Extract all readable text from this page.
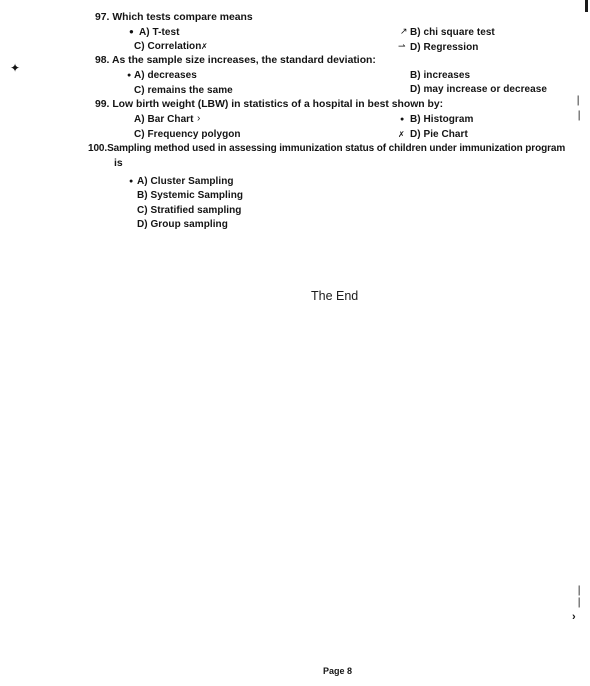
97. Which tests compare means
● A) T-test	↗ B) chi square test
C) Correlation ✗	⇀ D) Regression
98. As the sample size increases, the standard deviation:
● A) decreases	B) increases
C) remains the same	D) may increase or decrease
99. Low birth weight (LBW) in statistics of a hospital in best shown by:
A) Bar Chart ›	● B) Histogram
C) Frequency polygon	✗ D) Pie Chart
100.Sampling method used in assessing immunization status of children under immunization program
is
● A) Cluster Sampling
B) Systemic Sampling
C) Stratified sampling
D) Group sampling
The End
Page 8
✦
❘
❘
❘
❘
›
